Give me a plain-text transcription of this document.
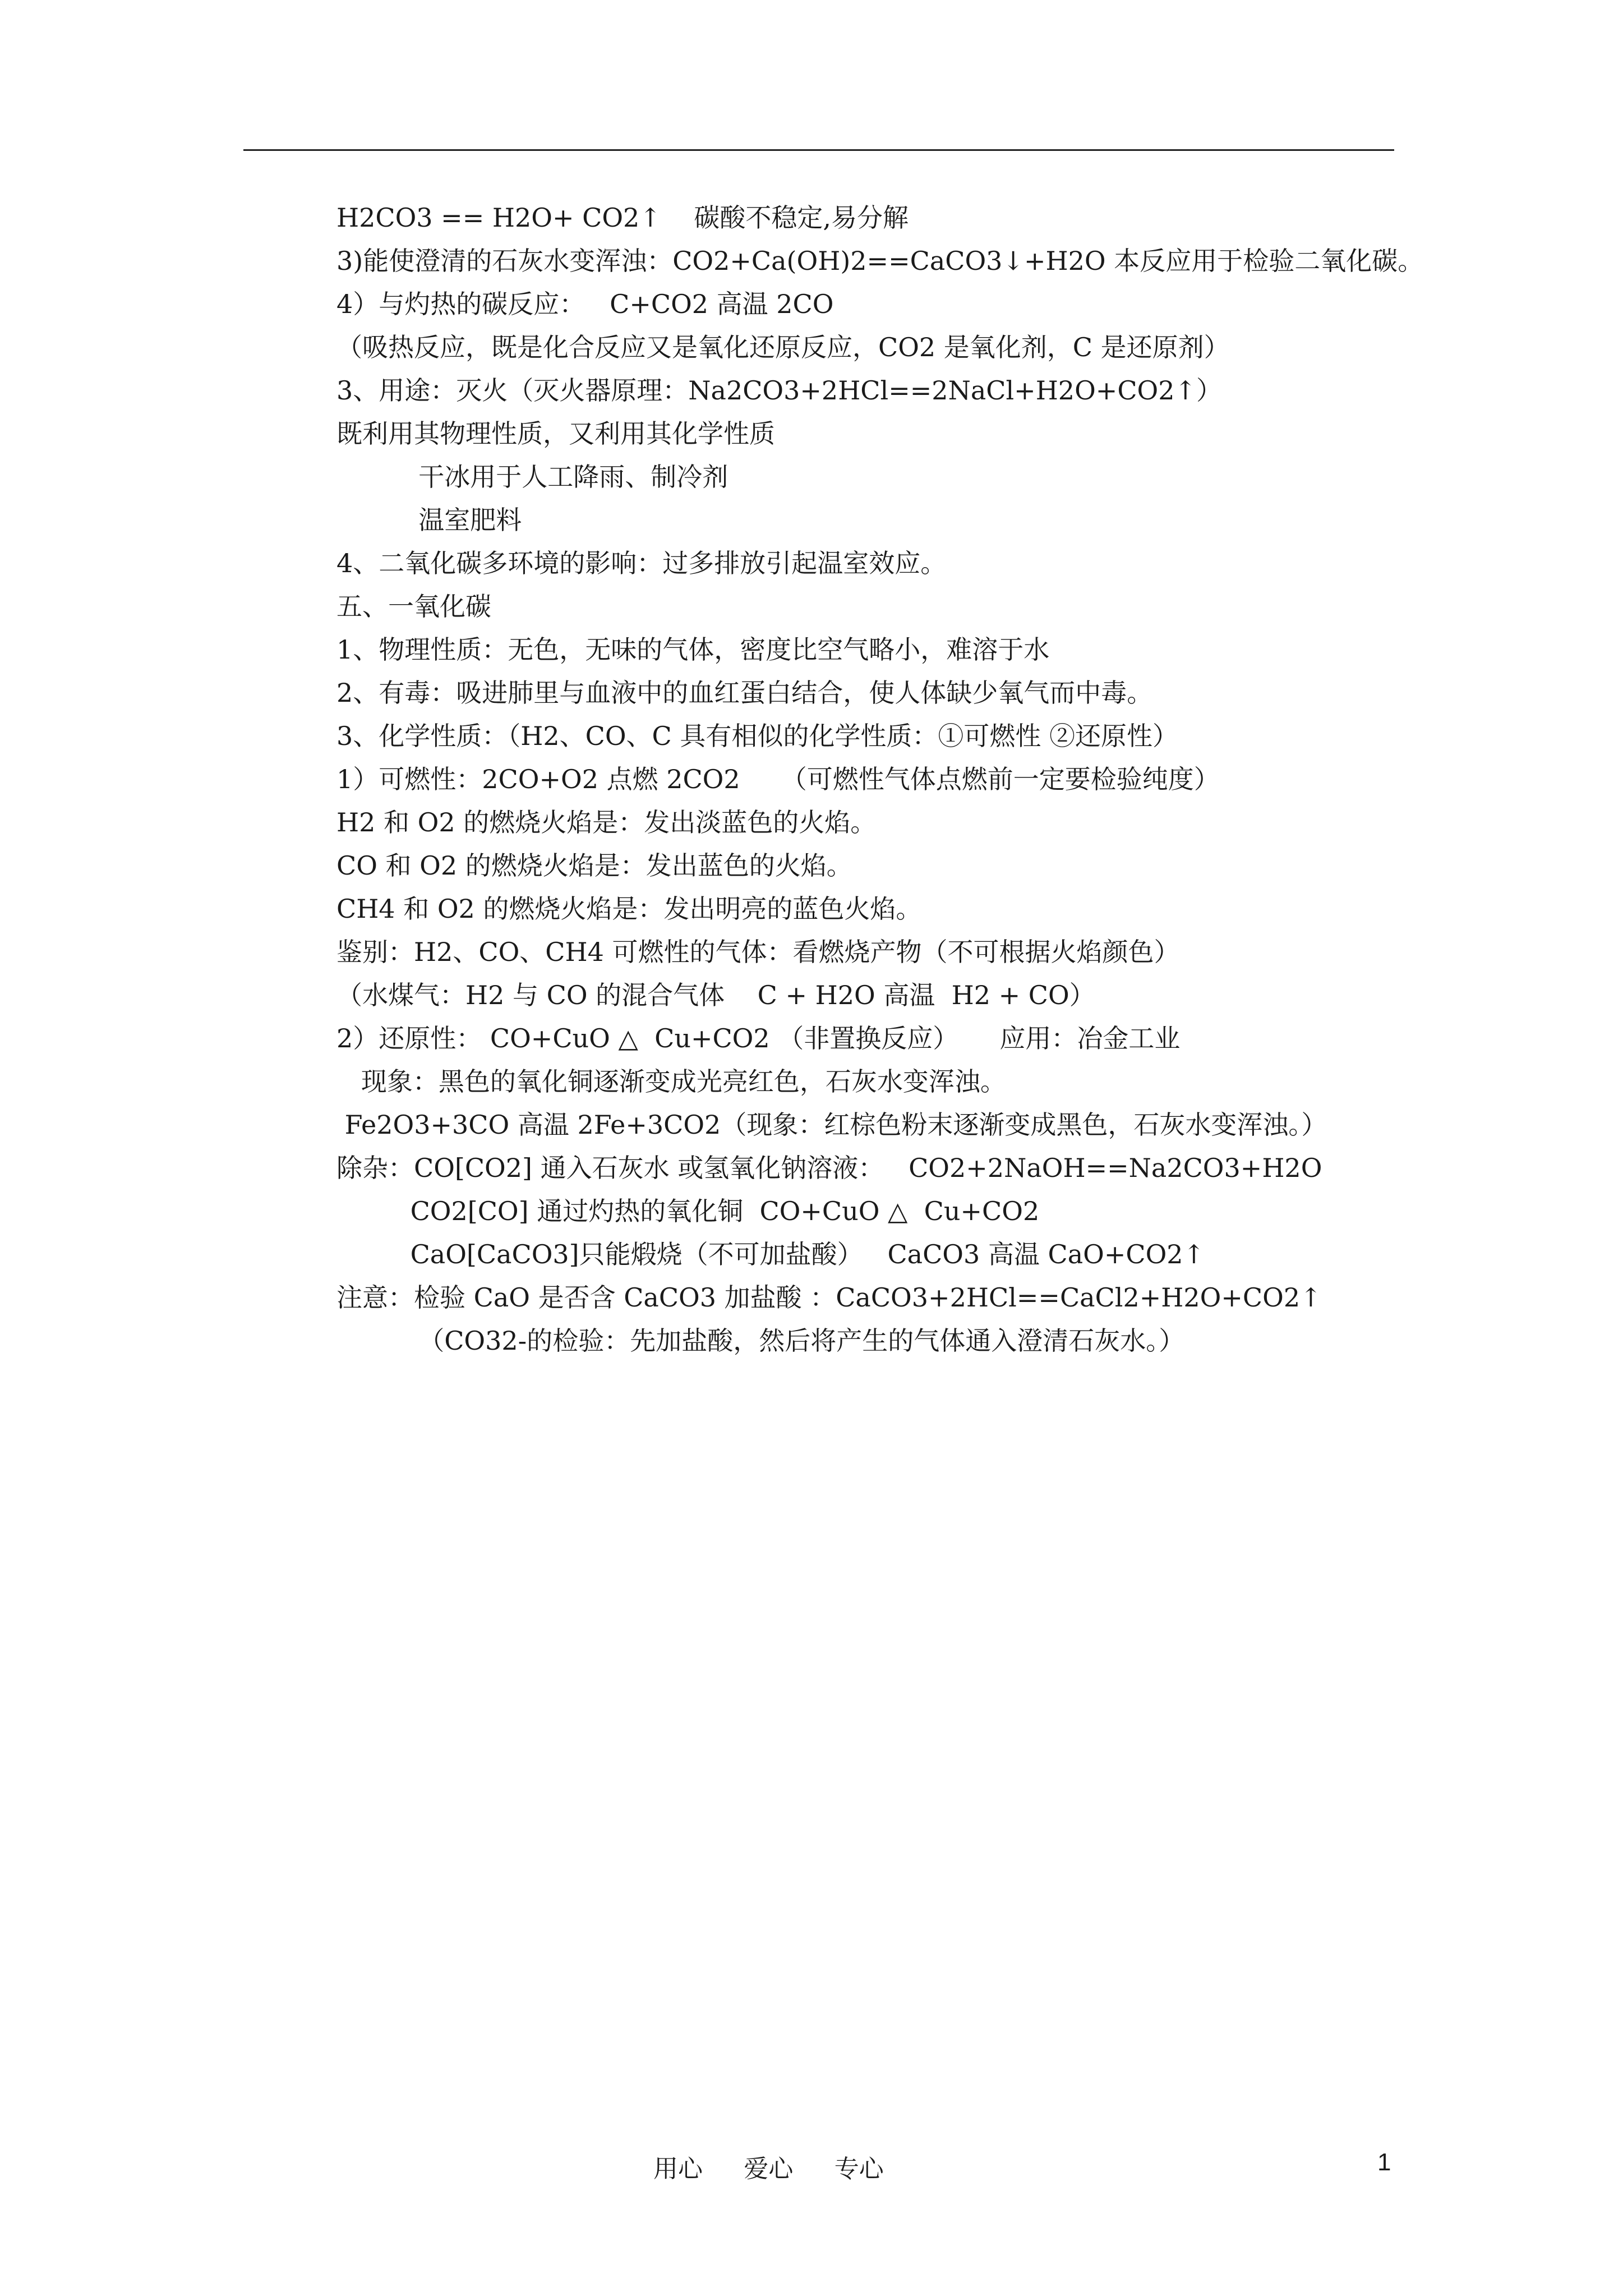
H2CO3 == H2O+ CO2↑    碳酸不稳定,易分解
3)能使澄清的石灰水变浑浊：CO2+Ca(OH)2==CaCO3↓+H2O 本反应用于检验二氧化碳。
4）与灼热的碳反应：   C+CO2 高温 2CO
（吸热反应，既是化合反应又是氧化还原反应，CO2 是氧化剂，C 是还原剂）
3、用途：灭火（灭火器原理：Na2CO3+2HCl==2NaCl+H2O+CO2↑）
既利用其物理性质，又利用其化学性质
干冰用于人工降雨、制冷剂
温室肥料
4、二氧化碳多环境的影响：过多排放引起温室效应。
五、一氧化碳
1、物理性质：无色，无味的气体，密度比空气略小，难溶于水
2、有毒：吸进肺里与血液中的血红蛋白结合，使人体缺少氧气而中毒。
3、化学性质：（H2、CO、C 具有相似的化学性质：①可燃性 ②还原性）
1）可燃性：2CO+O2 点燃 2CO2     （可燃性气体点燃前一定要检验纯度）
H2 和 O2 的燃烧火焰是：发出淡蓝色的火焰。
CO 和 O2 的燃烧火焰是：发出蓝色的火焰。
CH4 和 O2 的燃烧火焰是：发出明亮的蓝色火焰。
鉴别：H2、CO、CH4 可燃性的气体：看燃烧产物（不可根据火焰颜色）
（水煤气：H2 与 CO 的混合气体    C + H2O 高温  H2 + CO）
2）还原性： CO+CuO △  Cu+CO2 （非置换反应）     应用：冶金工业
现象：黑色的氧化铜逐渐变成光亮红色，石灰水变浑浊。
Fe2O3+3CO 高温 2Fe+3CO2（现象：红棕色粉末逐渐变成黑色，石灰水变浑浊。）
除杂：CO[CO2] 通入石灰水 或氢氧化钠溶液：   CO2+2NaOH==Na2CO3+H2O
CO2[CO] 通过灼热的氧化铜  CO+CuO △  Cu+CO2
CaO[CaCO3]只能煅烧（不可加盐酸）   CaCO3 高温 CaO+CO2↑
注意：检验 CaO 是否含 CaCO3 加盐酸 ：CaCO3+2HCl==CaCl2+H2O+CO2↑
（CO32-的检验：先加盐酸，然后将产生的气体通入澄清石灰水。）
用心      爱心      专心	1
